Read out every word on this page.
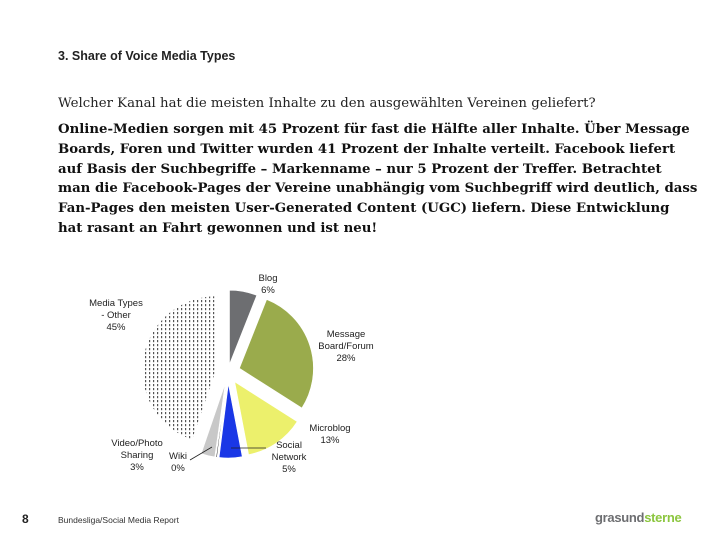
3. Share of Voice Media Types
Welcher Kanal hat die meisten Inhalte zu den ausgewählten Vereinen geliefert?
Online-Medien sorgen mit 45 Prozent für fast die Hälfte aller Inhalte. Über Message Boards, Foren und Twitter wurden 41 Prozent der Inhalte verteilt. Facebook liefert auf Basis der Suchbegriffe – Markenname – nur 5 Prozent der Treffer. Betrachtet man die Facebook-Pages der Vereine unabhängig vom Suchbegriff wird deutlich, dass Fan-Pages den meisten User-Generated Content (UGC) liefern. Diese Entwicklung hat rasant an Fahrt gewonnen und ist neu!
Blog 6%
Message Board/Forum 28%
Microblog 13%
Social Network 5%
Wiki 0%
Video/Photo Sharing 3%
Media Types - Other 45%
8	Bundesliga/Social Media Report	grasundsterne
